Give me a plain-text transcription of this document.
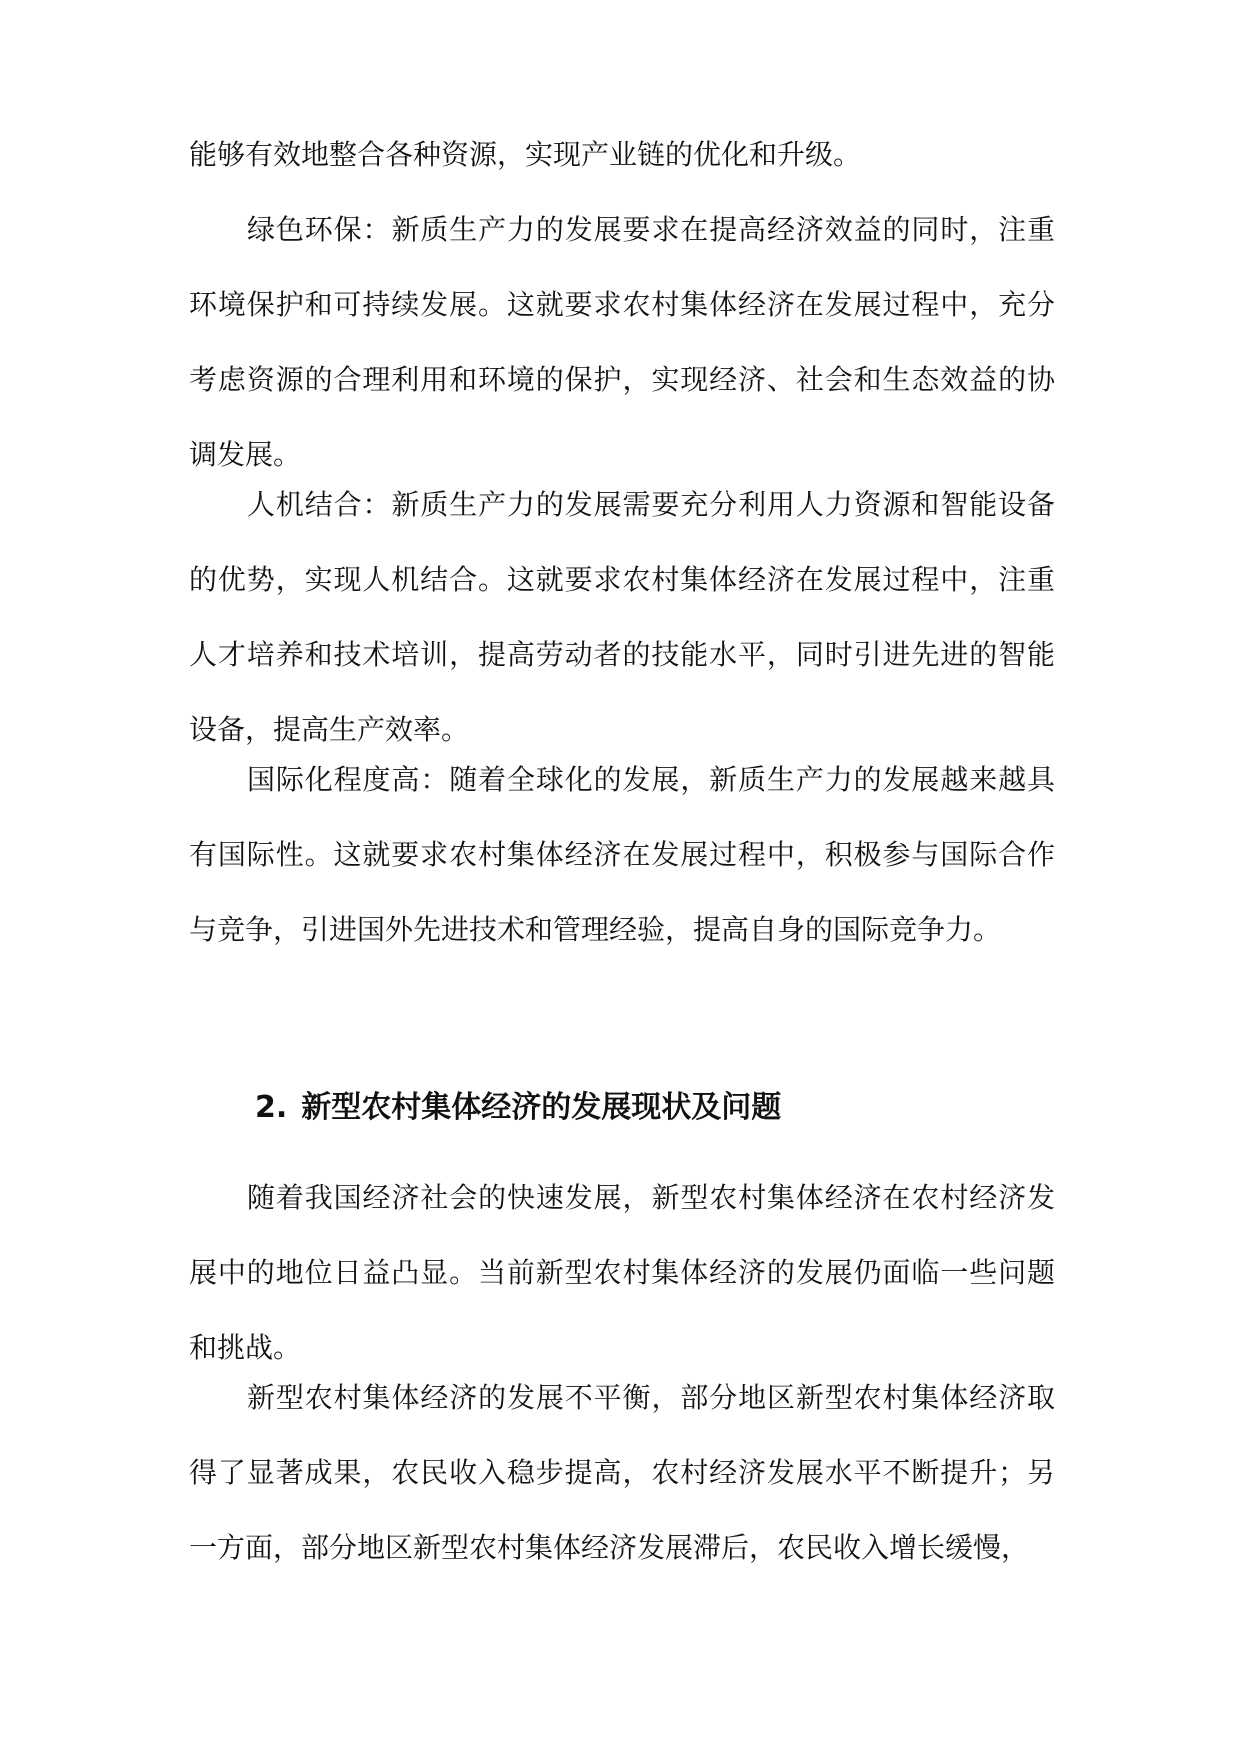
能够有效地整合各种资源，实现产业链的优化和升级。

绿色环保：新质生产力的发展要求在提高经济效益的同时，注重环境保护和可持续发展。这就要求农村集体经济在发展过程中，充分考虑资源的合理利用和环境的保护，实现经济、社会和生态效益的协调发展。

人机结合：新质生产力的发展需要充分利用人力资源和智能设备的优势，实现人机结合。这就要求农村集体经济在发展过程中，注重人才培养和技术培训，提高劳动者的技能水平，同时引进先进的智能设备，提高生产效率。

国际化程度高：随着全球化的发展，新质生产力的发展越来越具有国际性。这就要求农村集体经济在发展过程中，积极参与国际合作与竞争，引进国外先进技术和管理经验，提高自身的国际竞争力。

2. 新型农村集体经济的发展现状及问题

随着我国经济社会的快速发展，新型农村集体经济在农村经济发展中的地位日益凸显。当前新型农村集体经济的发展仍面临一些问题和挑战。

新型农村集体经济的发展不平衡，部分地区新型农村集体经济取得了显著成果，农民收入稳步提高，农村经济发展水平不断提升；另一方面，部分地区新型农村集体经济发展滞后，农民收入增长缓慢，
